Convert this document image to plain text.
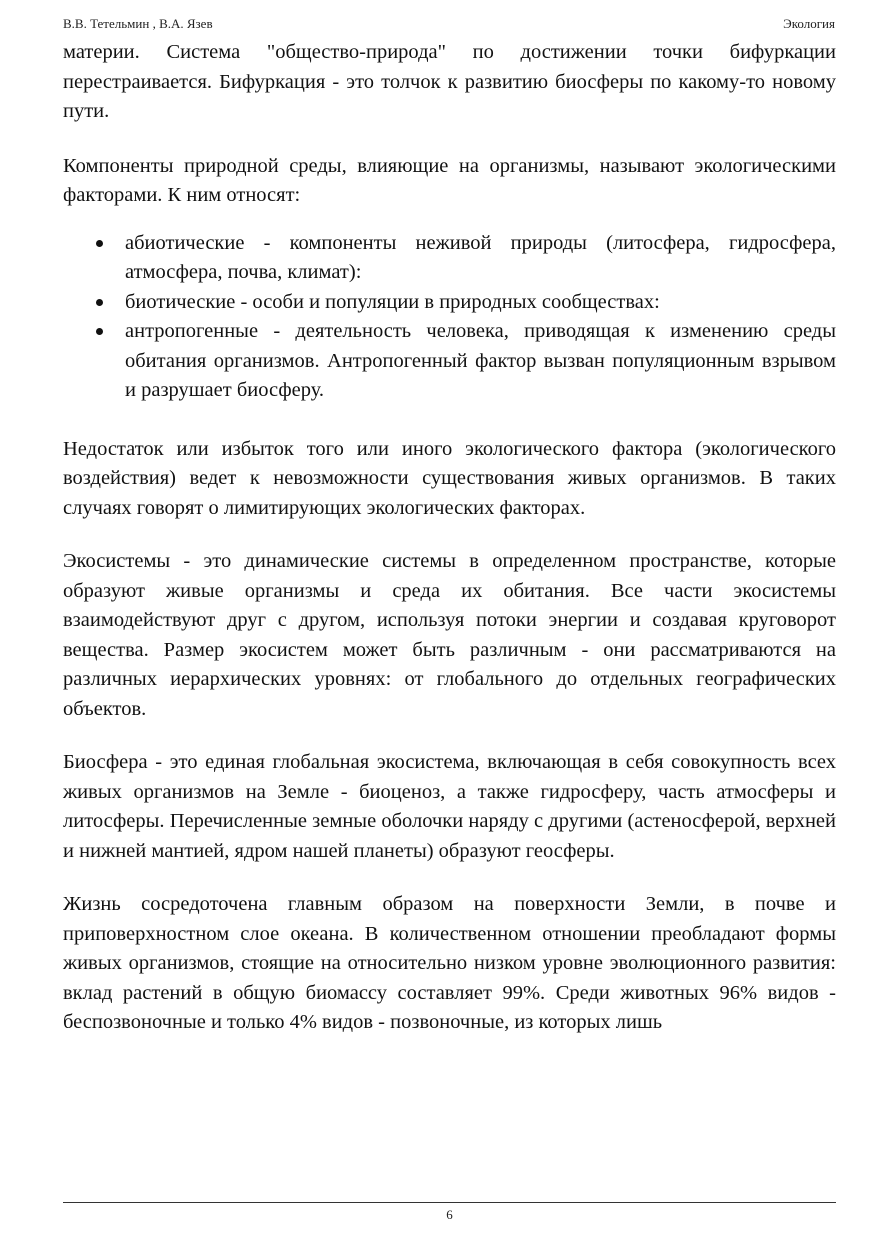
В.В. Тетельмин , В.А. Язев	Экология

материи. Система "общество-природа" по достижении точки бифуркации перестраивается. Бифуркация - это толчок к развитию биосферы по какому-то новому пути.

Компоненты природной среды, влияющие на организмы, называют экологическими факторами. К ним относят:

абиотические - компоненты неживой природы (литосфера, гидросфера, атмосфера, почва, климат):
биотические - особи и популяции в природных сообществах:
антропогенные - деятельность человека, приводящая к изменению среды обитания организмов. Антропогенный фактор вызван популяционным взрывом и разрушает биосферу.

Недостаток или избыток того или иного экологического фактора (экологического воздействия) ведет к невозможности существования живых организмов. В таких случаях говорят о лимитирующих экологических факторах.

Экосистемы - это динамические системы в определенном пространстве, которые образуют живые организмы и среда их обитания. Все части экосистемы взаимодействуют друг с другом, используя потоки энергии и создавая круговорот вещества. Размер экосистем может быть различным - они рассматриваются на различных иерархических уровнях: от глобального до отдельных географических объектов.

Биосфера - это единая глобальная экосистема, включающая в себя совокупность всех живых организмов на Земле - биоценоз, а также гидросферу, часть атмосферы и литосферы. Перечисленные земные оболочки наряду с другими (астеносферой, верхней и нижней мантией, ядром нашей планеты) образуют геосферы.

Жизнь сосредоточена главным образом на поверхности Земли, в почве и приповерхностном слое океана. В количественном отношении преобладают формы живых организмов, стоящие на относительно низком уровне эволюционного развития: вклад растений в общую биомассу составляет 99%. Среди животных 96% видов - беспозвоночные и только 4% видов - позвоночные, из которых лишь

6
